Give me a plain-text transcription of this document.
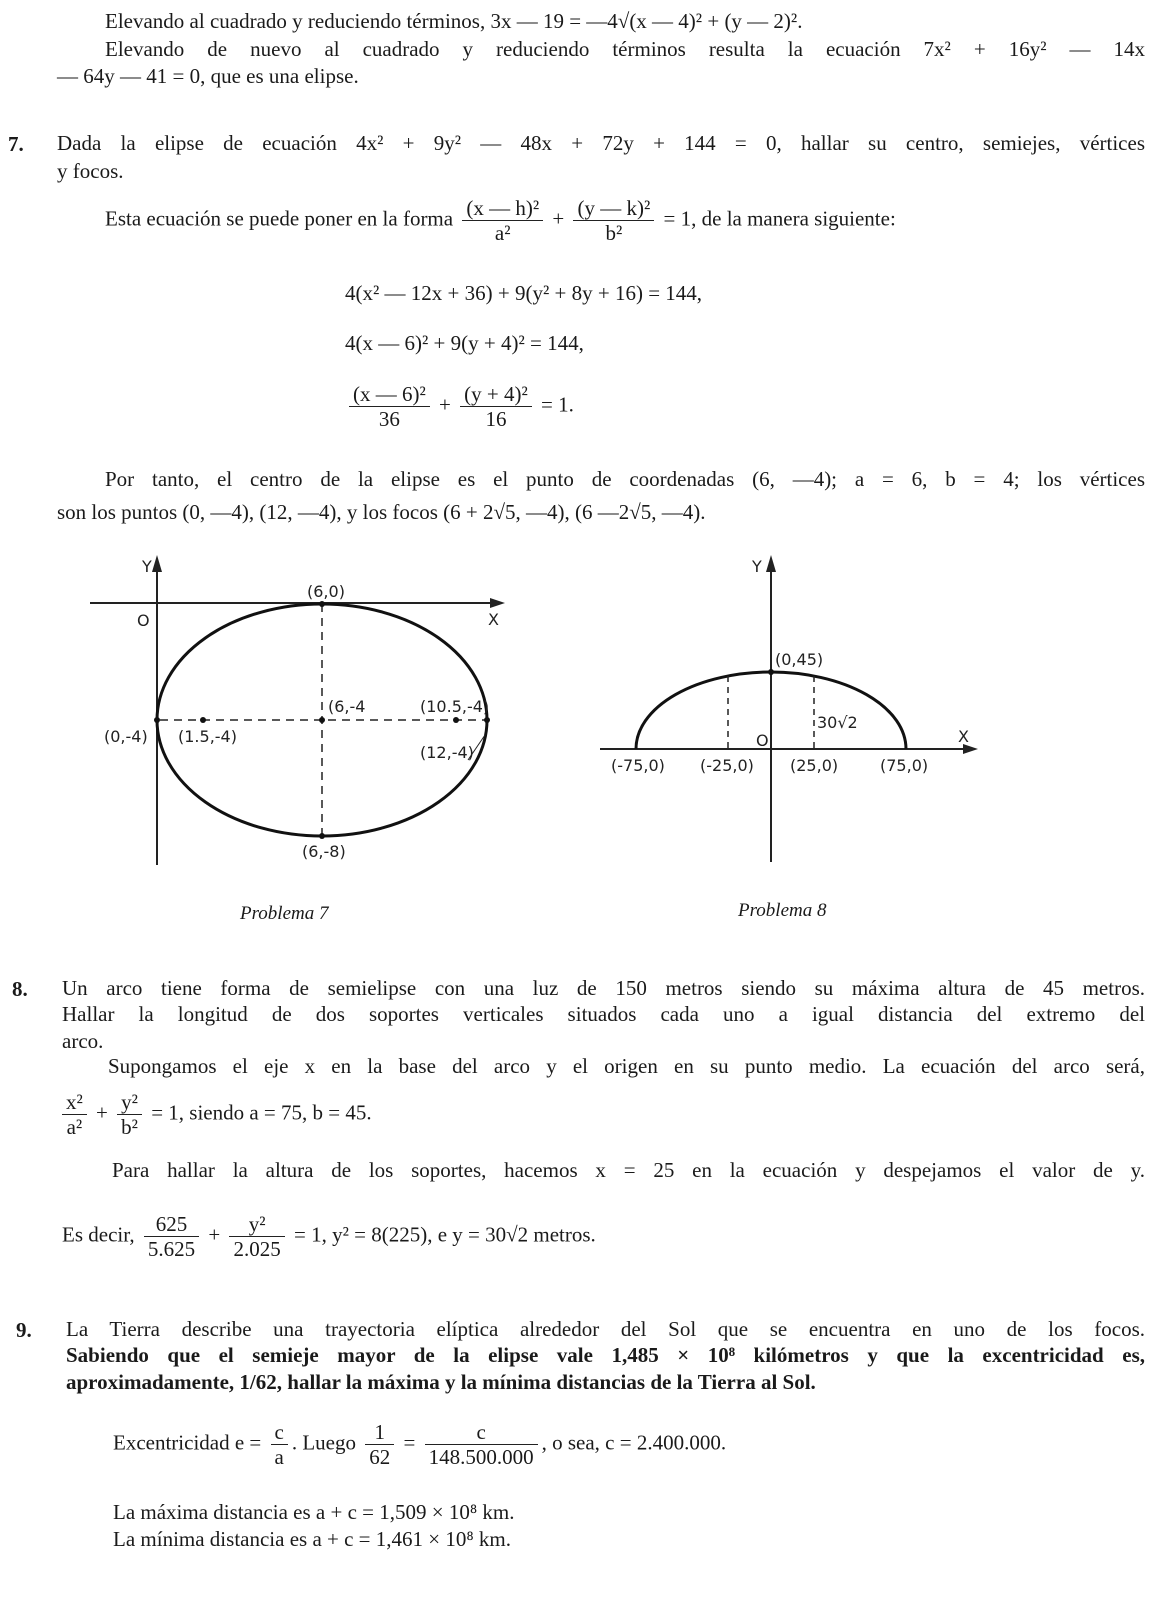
Elevando al cuadrado y reduciendo términos, 3x — 19 = —4√(x — 4)² + (y — 2)².
Elevando de nuevo al cuadrado y reduciendo términos resulta la ecuación 7x² + 16y² — 14x
— 64y — 41 = 0, que es una elipse.
7. Dada la elipse de ecuación 4x² + 9y² — 48x + 72y + 144 = 0, hallar su centro, semiejes, vértices
y focos.
Esta ecuación se puede poner en la forma $\frac{\text{(x — h)²}}{\text{a²}} + \frac{\text{(y — k)²}}{\text{b²}} = 1$, de la manera siguiente:
4(x² — 12x + 36) + 9(y² + 8y + 16) = 144,
4(x — 6)² + 9(y + 4)² = 144,
$\frac{\text{(x — 6)²}}{36} + \frac{\text{(y + 4)²}}{16} = 1$.
Por tanto, el centro de la elipse es el punto de coordenadas (6, —4); a = 6, b = 4; los vértices
son los puntos (0, —4), (12, —4), y los focos (6 + 2√5, —4), (6 —2√5, —4).
Y
X
O
(6,0)
(6,-4
(0,-4) (1.5,-4)
(10.5,-4)
(12,-4)
(6,-8)
Problema 7
Y
X
O
(0,45)
30√2
(-75,0) (-25,0) (25,0)	(75,0)
Problema 8
8. Un arco tiene forma de semielipse con una luz de 150 metros siendo su máxima altura de 45 metros.
Hallar la longitud de dos soportes verticales situados cada uno a igual distancia del extremo del
arco.
Supongamos el eje x en la base del arco y el origen en su punto medio. La ecuación del arco será,
$\frac{\text{x²}}{\text{a²}} + \frac{\text{y²}}{\text{b²}} = 1$, siendo a = 75, b = 45.
Para hallar la altura de los soportes, hacemos x = 25 en la ecuación y despejamos el valor de y.
Es decir, $\frac{625}{5.625} + \frac{\text{y²}}{2.025} = 1$, y² = 8(225), e y = 30√2 metros.
9. La Tierra describe una trayectoria elíptica alrededor del Sol que se encuentra en uno de los focos.
Sabiendo que el semieje mayor de la elipse vale 1,485 × 10⁸ kilómetros y que la excentricidad es,
aproximadamente, 1/62, hallar la máxima y la mínima distancias de la Tierra al Sol.
Excentricidad $e = \frac{c}{a}$ . Luego $\frac{1}{62} = \frac{c}{148.500.000}$ , o sea, c = 2.400.000.
La máxima distancia es a + c = 1,509 × 10⁸ km.
La mínima distancia es a + c = 1,461 × 10⁸ km.
